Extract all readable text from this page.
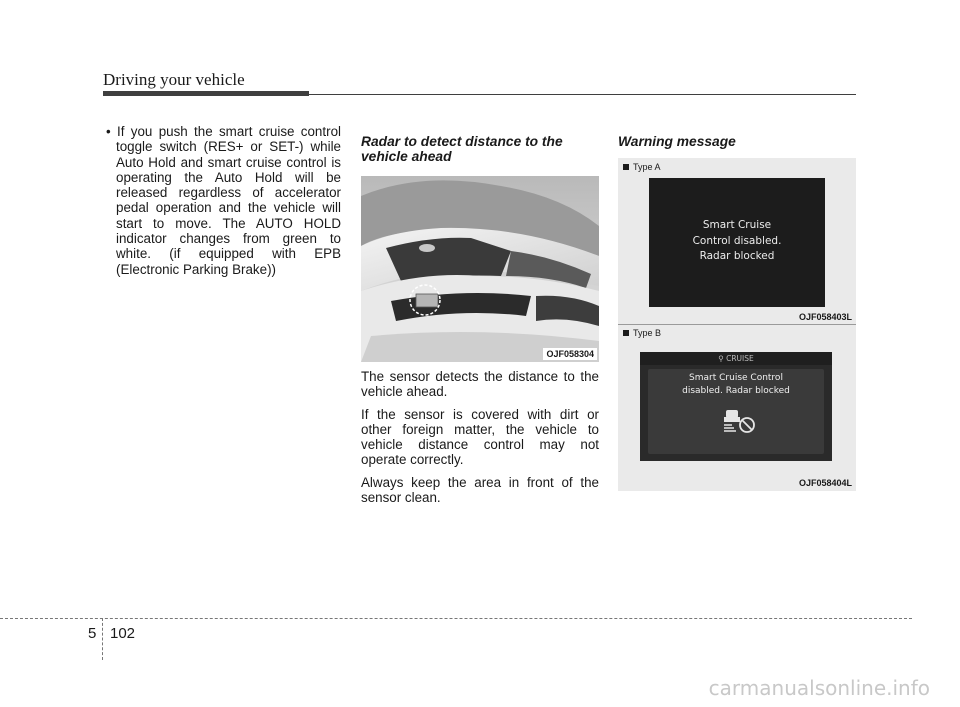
Driving your vehicle

• If you push the smart cruise control toggle switch (RES+ or SET-) while Auto Hold and smart cruise control is operating the Auto Hold will be released regardless of accelerator pedal operation and the vehicle will start to move. The AUTO HOLD indicator changes from green to white. (if equipped with EPB (Electronic Parking Brake))

Radar to detect distance to the vehicle ahead

OJF058304

The sensor detects the distance to the vehicle ahead.

If the sensor is covered with dirt or other foreign matter, the vehicle to vehicle distance control may not operate correctly.

Always keep the area in front of the sensor clean.

Warning message

Type A
Smart Cruise
Control disabled.
Radar blocked
OJF058403L
Type B
⚲ CRUISE
Smart Cruise Control
disabled. Radar blocked
OJF058404L
5 102
carmanualsonline.info
